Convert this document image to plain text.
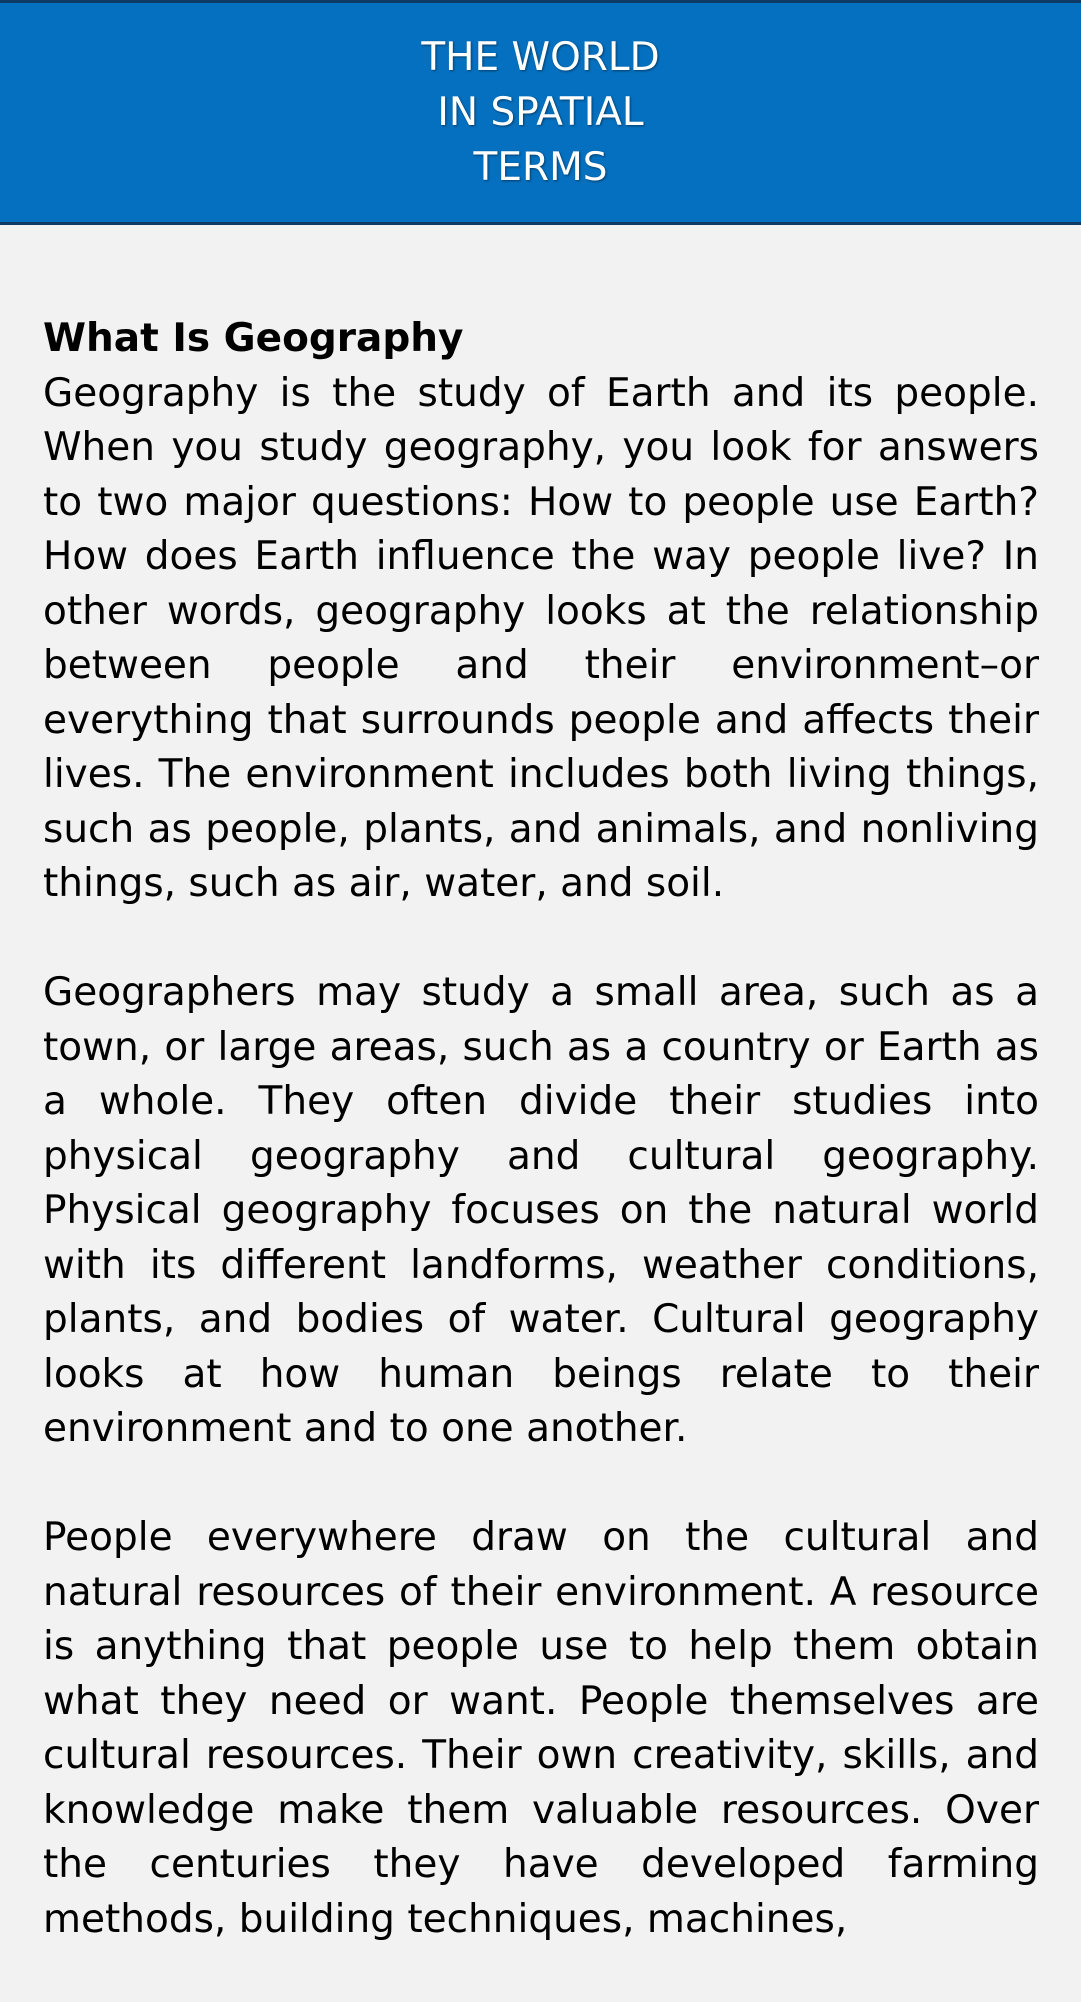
THE WORLD
IN SPATIAL
TERMS
What Is Geography

Geography is the study of Earth and its people. When you study geography, you look for answers to two major questions: How to people use Earth? How does Earth influence the way people live? In other words, geography looks at the relationship between people and their environment–or everything that surrounds people and affects their lives. The environment includes both living things, such as people, plants, and animals, and nonliving things, such as air, water, and soil.

Geographers may study a small area, such as a town, or large areas, such as a country or Earth as a whole. They often divide their studies into physical geography and cultural geography. Physical geography focuses on the natural world with its different landforms, weather conditions, plants, and bodies of water. Cultural geography looks at how human beings relate to their environment and to one another.

People everywhere draw on the cultural and natural resources of their environment. A resource is anything that people use to help them obtain what they need or want. People themselves are cultural resources. Their own creativity, skills, and knowledge make them valuable resources. Over the centuries they have developed farming methods, building techniques, machines,
